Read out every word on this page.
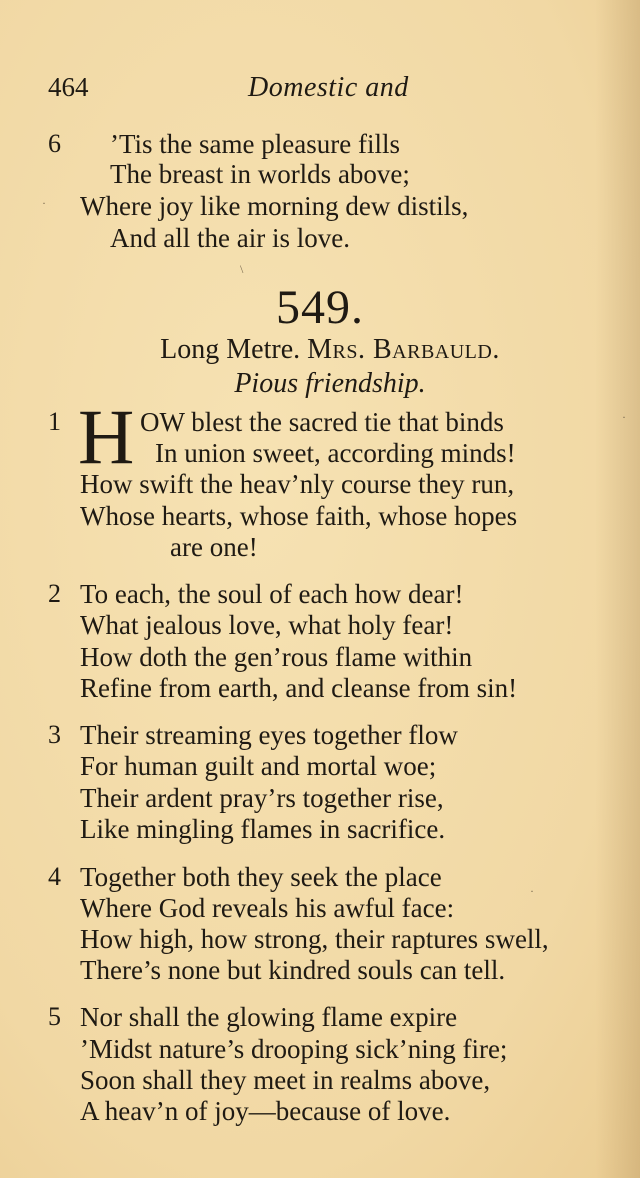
464	Domestic and
6 ’Tis the same pleasure fills
The breast in worlds above;
Where joy like morning dew distils,
And all the air is love.
·
\
549.
Long Metre. Mrs. Barbauld.
Pious friendship.
1 H OW blest the sacred tie that binds
In union sweet, according minds!
How swift the heav’nly course they run,
Whose hearts, whose faith, whose hopes
are one!
2 To each, the soul of each how dear!
What jealous love, what holy fear!
How doth the gen’rous flame within
Refine from earth, and cleanse from sin!
3 Their streaming eyes together flow
For human guilt and mortal woe;
Their ardent pray’rs together rise,
Like mingling flames in sacrifice.
4 Together both they seek the place
Where God reveals his awful face:
How high, how strong, their raptures swell,
There’s none but kindred souls can tell.
5 Nor shall the glowing flame expire
’Midst nature’s drooping sick’ning fire;
Soon shall they meet in realms above,
A heav’n of joy—because of love.
·
·
